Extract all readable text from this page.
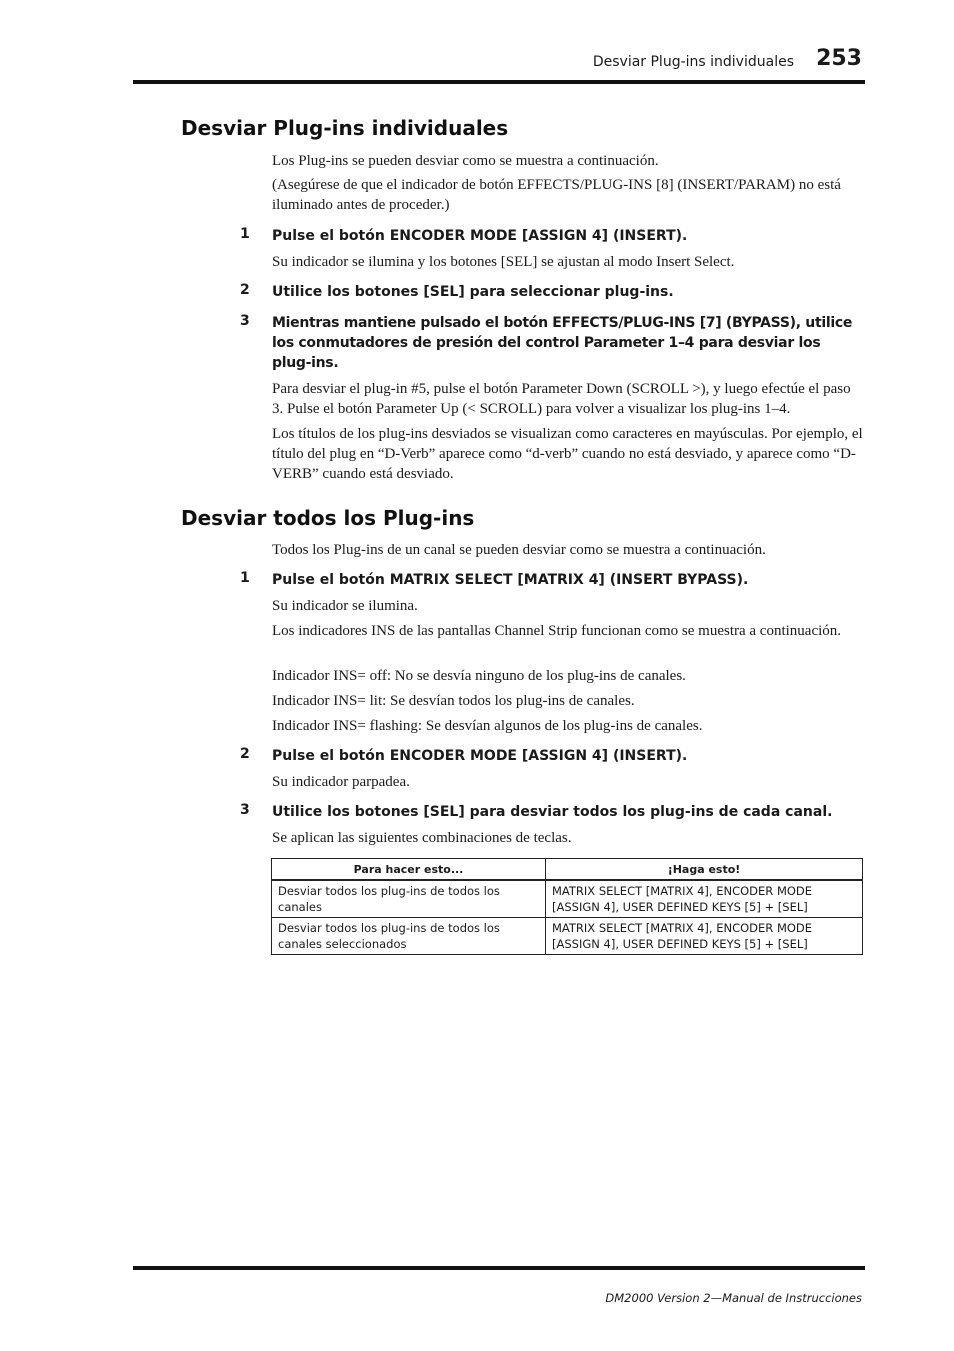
Desviar Plug-ins individuales 253
Desviar Plug-ins individuales
Los Plug-ins se pueden desviar como se muestra a continuación.
(Asegúrese de que el indicador de botón EFFECTS/PLUG-INS [8] (INSERT/PARAM) no está iluminado antes de proceder.)
1 Pulse el botón ENCODER MODE [ASSIGN 4] (INSERT).
Su indicador se ilumina y los botones [SEL] se ajustan al modo Insert Select.
2 Utilice los botones [SEL] para seleccionar plug-ins.
3 Mientras mantiene pulsado el botón EFFECTS/PLUG-INS [7] (BYPASS), utilice los conmutadores de presión del control Parameter 1–4 para desviar los plug-ins.
Para desviar el plug-in #5, pulse el botón Parameter Down (SCROLL >), y luego efectúe el paso 3. Pulse el botón Parameter Up (< SCROLL) para volver a visualizar los plug-ins 1–4.
Los títulos de los plug-ins desviados se visualizan como caracteres en mayúsculas. Por ejemplo, el título del plug en “D-Verb” aparece como “d-verb” cuando no está desviado, y aparece como “D-VERB” cuando está desviado.
Desviar todos los Plug-ins
Todos los Plug-ins de un canal se pueden desviar como se muestra a continuación.
1 Pulse el botón MATRIX SELECT [MATRIX 4] (INSERT BYPASS).
Su indicador se ilumina.
Los indicadores INS de las pantallas Channel Strip funcionan como se muestra a continuación.
Indicador INS= off: No se desvía ninguno de los plug-ins de canales.
Indicador INS= lit: Se desvían todos los plug-ins de canales.
Indicador INS= flashing: Se desvían algunos de los plug-ins de canales.
2 Pulse el botón ENCODER MODE [ASSIGN 4] (INSERT).
Su indicador parpadea.
3 Utilice los botones [SEL] para desviar todos los plug-ins de cada canal.
Se aplican las siguientes combinaciones de teclas.
Para hacer esto...	¡Haga esto!
Desviar todos los plug-ins de todos los canales	MATRIX SELECT [MATRIX 4], ENCODER MODE [ASSIGN 4], USER DEFINED KEYS [5] + [SEL]
Desviar todos los plug-ins de todos los canales seleccionados	MATRIX SELECT [MATRIX 4], ENCODER MODE [ASSIGN 4], USER DEFINED KEYS [5] + [SEL]
DM2000 Version 2—Manual de Instrucciones
